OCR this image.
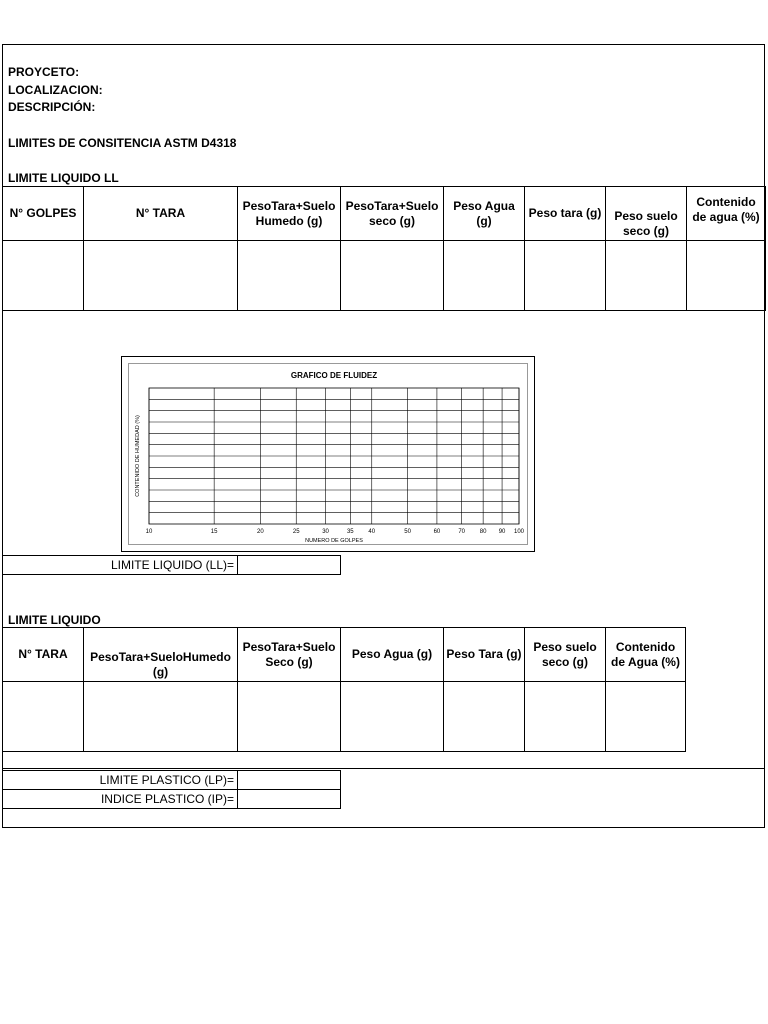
PROYCETO:
LOCALIZACION:
DESCRIPCIÓN:
LIMITES DE CONSITENCIA ASTM D4318
LIMITE LIQUIDO LL
N° GOLPES	N° TARA	PesoTara+Suelo Humedo (g)	PesoTara+Suelo seco (g)	Peso Agua (g)	Peso tara (g)	Peso suelo seco (g)	Contenido de agua (%)

GRAFICO DE FLUIDEZ
10	15	20	25	30	35 40	50	60	70 80 90 100
NUMERO DE GOLPES
CONTENIDO DE HUMEDAD (%)
LIMITE LIQUIDO (LL)=	
LIMITE LIQUIDO
N° TARA	PesoTara+SueloHumedo (g)	PesoTara+Suelo Seco (g)	Peso Agua (g)	Peso Tara (g)	Peso suelo seco (g)	Contenido de Agua (%)

LIMITE PLASTICO (LP)=	
INDICE PLASTICO (IP)=	
